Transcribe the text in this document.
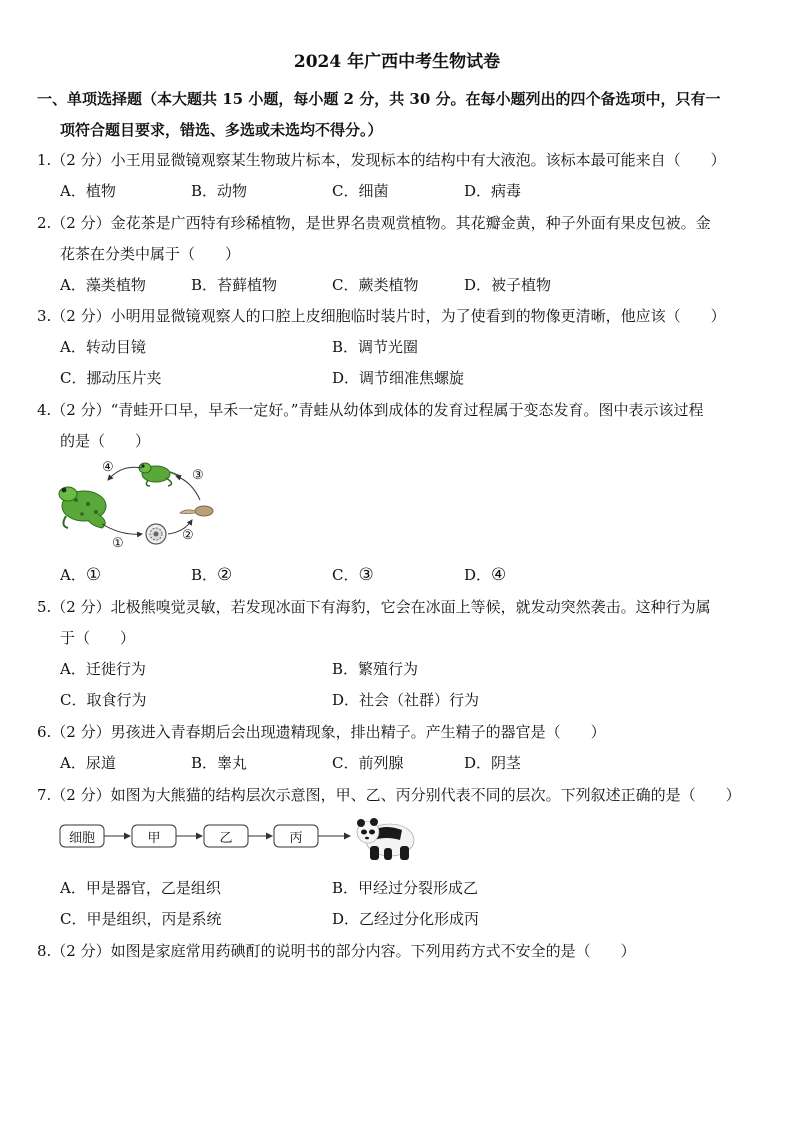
2024 年广西中考生物试卷
一、单项选择题（本大题共 15 小题，每小题 2 分，共 30 分。在每小题列出的四个备选项中，只有一
项符合题目要求，错选、多选或未选均不得分。）
1.（2 分）小王用显微镜观察某生物玻片标本，发现标本的结构中有大液泡。该标本最可能来自（　　）
A．植物	B．动物	C．细菌	D．病毒
2.（2 分）金花茶是广西特有珍稀植物，是世界名贵观赏植物。其花瓣金黄，种子外面有果皮包被。金
花茶在分类中属于（　　）
A．藻类植物	B．苔藓植物	C．蕨类植物	D．被子植物
3.（2 分）小明用显微镜观察人的口腔上皮细胞临时装片时，为了使看到的物像更清晰，他应该（　　）
A．转动目镜	B．调节光圈
C．挪动压片夹	D．调节细准焦螺旋
4.（2 分）“青蛙开口早，早禾一定好。”青蛙从幼体到成体的发育过程属于变态发育。图中表示该过程
的是（　　）
④
③
①
②
A．①	B．②	C．③	D．④
5.（2 分）北极熊嗅觉灵敏，若发现冰面下有海豹，它会在冰面上等候，就发动突然袭击。这种行为属
于（　　）
A．迁徙行为	B．繁殖行为
C．取食行为	D．社会（社群）行为
6.（2 分）男孩进入青春期后会出现遗精现象，排出精子。产生精子的器官是（　　）
A．尿道	B．睾丸	C．前列腺	D．阴茎
7.（2 分）如图为大熊猫的结构层次示意图，甲、乙、丙分别代表不同的层次。下列叙述正确的是（　　）
细胞	甲	乙	丙
A．甲是器官，乙是组织	B．甲经过分裂形成乙
C．甲是组织，丙是系统	D．乙经过分化形成丙
8.（2 分）如图是家庭常用药碘酊的说明书的部分内容。下列用药方式不安全的是（　　）
